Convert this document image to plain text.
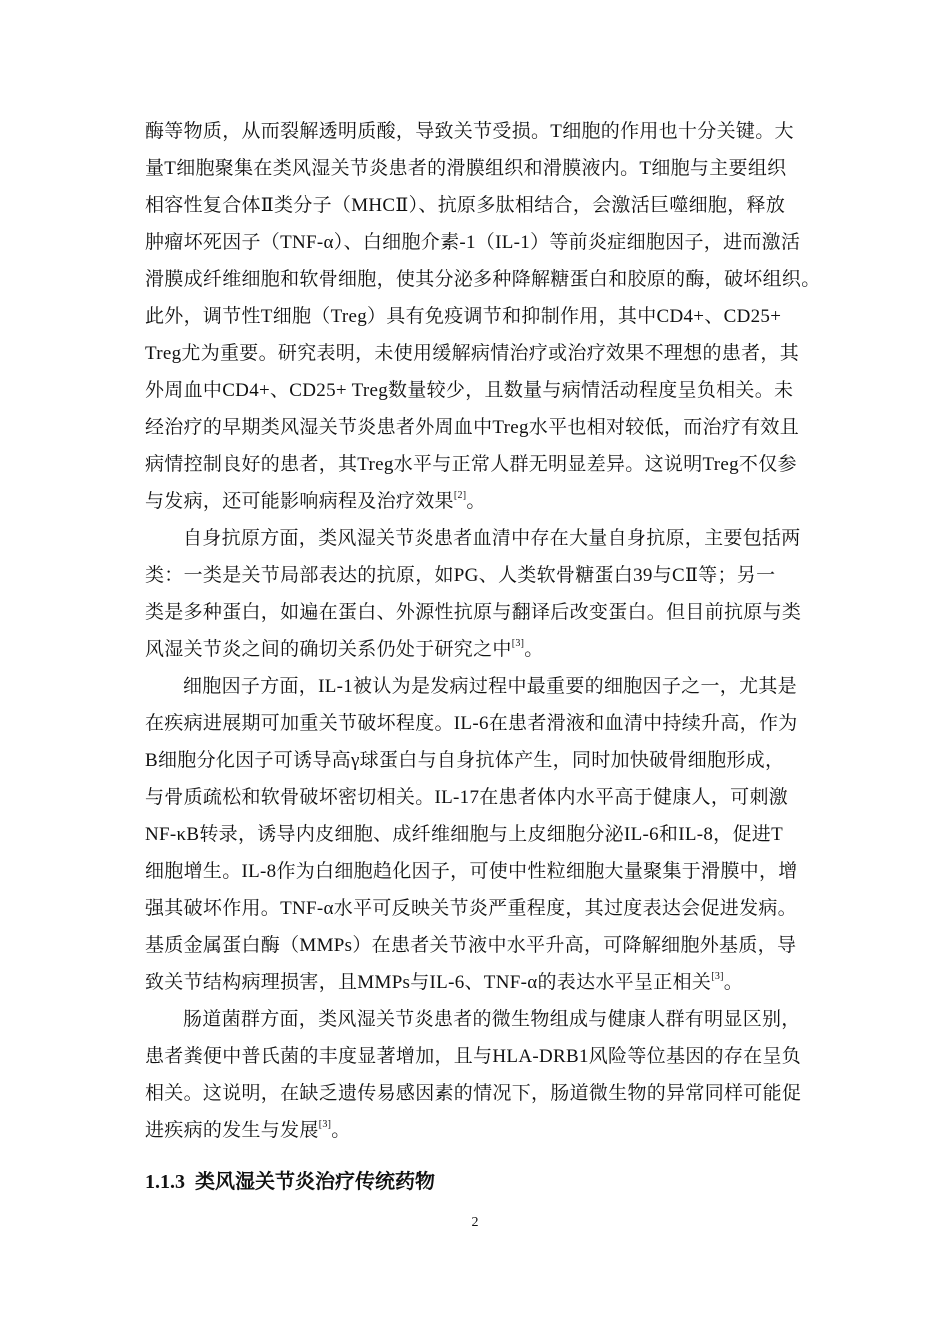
酶等物质，从而裂解透明质酸，导致关节受损。T细胞的作用也十分关键。大
量T细胞聚集在类风湿关节炎患者的滑膜组织和滑膜液内。T细胞与主要组织
相容性复合体Ⅱ类分子（MHCⅡ）、抗原多肽相结合，会激活巨噬细胞，释放
肿瘤坏死因子（TNF-α）、白细胞介素-1（IL-1）等前炎症细胞因子，进而激活
滑膜成纤维细胞和软骨细胞，使其分泌多种降解糖蛋白和胶原的酶，破坏组织。
此外，调节性T细胞（Treg）具有免疫调节和抑制作用，其中CD4+、CD25+
Treg尤为重要。研究表明，未使用缓解病情治疗或治疗效果不理想的患者，其
外周血中CD4+、CD25+ Treg数量较少，且数量与病情活动程度呈负相关。未
经治疗的早期类风湿关节炎患者外周血中Treg水平也相对较低，而治疗有效且
病情控制良好的患者，其Treg水平与正常人群无明显差异。这说明Treg不仅参
与发病，还可能影响病程及治疗效果[2]。
自身抗原方面，类风湿关节炎患者血清中存在大量自身抗原，主要包括两
类：一类是关节局部表达的抗原，如PG、人类软骨糖蛋白39与CⅡ等；另一
类是多种蛋白，如遍在蛋白、外源性抗原与翻译后改变蛋白。但目前抗原与类
风湿关节炎之间的确切关系仍处于研究之中[3]。
细胞因子方面，IL-1被认为是发病过程中最重要的细胞因子之一，尤其是
在疾病进展期可加重关节破坏程度。IL-6在患者滑液和血清中持续升高，作为
B细胞分化因子可诱导高γ球蛋白与自身抗体产生，同时加快破骨细胞形成，
与骨质疏松和软骨破坏密切相关。IL-17在患者体内水平高于健康人，可刺激
NF-κB转录，诱导内皮细胞、成纤维细胞与上皮细胞分泌IL-6和IL-8，促进T
细胞增生。IL-8作为白细胞趋化因子，可使中性粒细胞大量聚集于滑膜中，增
强其破坏作用。TNF-α水平可反映关节炎严重程度，其过度表达会促进发病。
基质金属蛋白酶（MMPs）在患者关节液中水平升高，可降解细胞外基质，导
致关节结构病理损害，且MMPs与IL-6、TNF-α的表达水平呈正相关[3]。
肠道菌群方面，类风湿关节炎患者的微生物组成与健康人群有明显区别，
患者粪便中普氏菌的丰度显著增加，且与HLA-DRB1风险等位基因的存在呈负
相关。这说明，在缺乏遗传易感因素的情况下，肠道微生物的异常同样可能促
进疾病的发生与发展[3]。
1.1.3 类风湿关节炎治疗传统药物
2
